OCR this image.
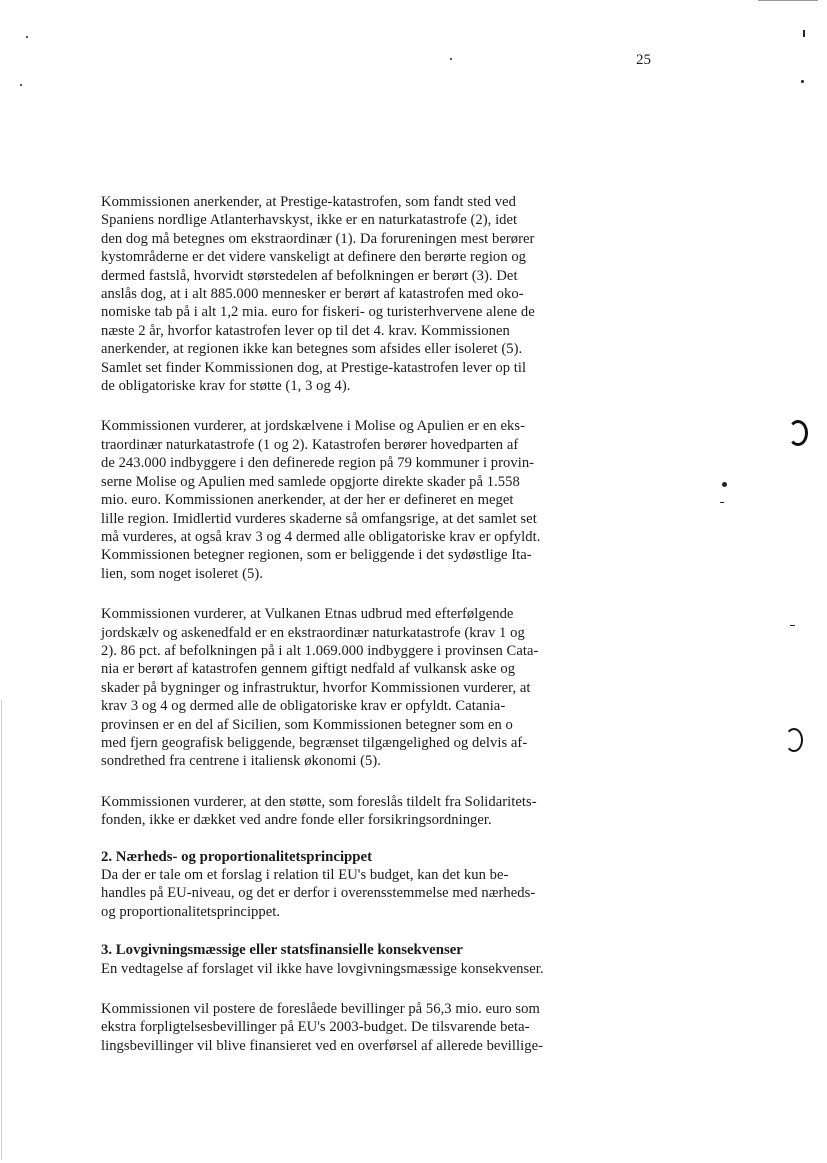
25

Kommissionen anerkender, at Prestige-katastrofen, som fandt sted ved
Spaniens nordlige Atlanterhavskyst, ikke er en naturkatastrofe (2), idet
den dog må betegnes om ekstraordinær (1). Da forureningen mest berører
kystområderne er det videre vanskeligt at definere den berørte region og
dermed fastslå, hvorvidt størstedelen af befolkningen er berørt (3). Det
anslås dog, at i alt 885.000 mennesker er berørt af katastrofen med oko-
nomiske tab på i alt 1,2 mia. euro for fiskeri- og turisterhvervene alene de
næste 2 år, hvorfor katastrofen lever op til det 4. krav. Kommissionen
anerkender, at regionen ikke kan betegnes som afsides eller isoleret (5).
Samlet set finder Kommissionen dog, at Prestige-katastrofen lever op til
de obligatoriske krav for støtte (1, 3 og 4).

Kommissionen vurderer, at jordskælvene i Molise og Apulien er en eks-
traordinær naturkatastrofe (1 og 2). Katastrofen berører hovedparten af
de 243.000 indbyggere i den definerede region på 79 kommuner i provin-
serne Molise og Apulien med samlede opgjorte direkte skader på 1.558
mio. euro. Kommissionen anerkender, at der her er defineret en meget
lille region. Imidlertid vurderes skaderne så omfangsrige, at det samlet set
må vurderes, at også krav 3 og 4 dermed alle obligatoriske krav er opfyldt.
Kommissionen betegner regionen, som er beliggende i det sydøstlige Ita-
lien, som noget isoleret (5).

Kommissionen vurderer, at Vulkanen Etnas udbrud med efterfølgende
jordskælv og askenedfald er en ekstraordinær naturkatastrofe (krav 1 og
2). 86 pct. af befolkningen på i alt 1.069.000 indbyggere i provinsen Cata-
nia er berørt af katastrofen gennem giftigt nedfald af vulkansk aske og
skader på bygninger og infrastruktur, hvorfor Kommissionen vurderer, at
krav 3 og 4 og dermed alle de obligatoriske krav er opfyldt. Catania-
provinsen er en del af Sicilien, som Kommissionen betegner som en o
med fjern geografisk beliggende, begrænset tilgængelighed og delvis af-
sondrethed fra centrene i italiensk økonomi (5).

Kommissionen vurderer, at den støtte, som foreslås tildelt fra Solidaritets-
fonden, ikke er dækket ved andre fonde eller forsikringsordninger.

2. Nærheds- og proportionalitetsprincippet

Da der er tale om et forslag i relation til EU's budget, kan det kun be-
handles på EU-niveau, og det er derfor i overensstemmelse med nærheds-
og proportionalitetsprincippet.

3. Lovgivningsmæssige eller statsfinansielle konsekvenser

En vedtagelse af forslaget vil ikke have lovgivningsmæssige konsekvenser.

Kommissionen vil postere de foreslåede bevillinger på 56,3 mio. euro som
ekstra forpligtelsesbevillinger på EU's 2003-budget. De tilsvarende beta-
lingsbevillinger vil blive finansieret ved en overførsel af allerede bevillige-
